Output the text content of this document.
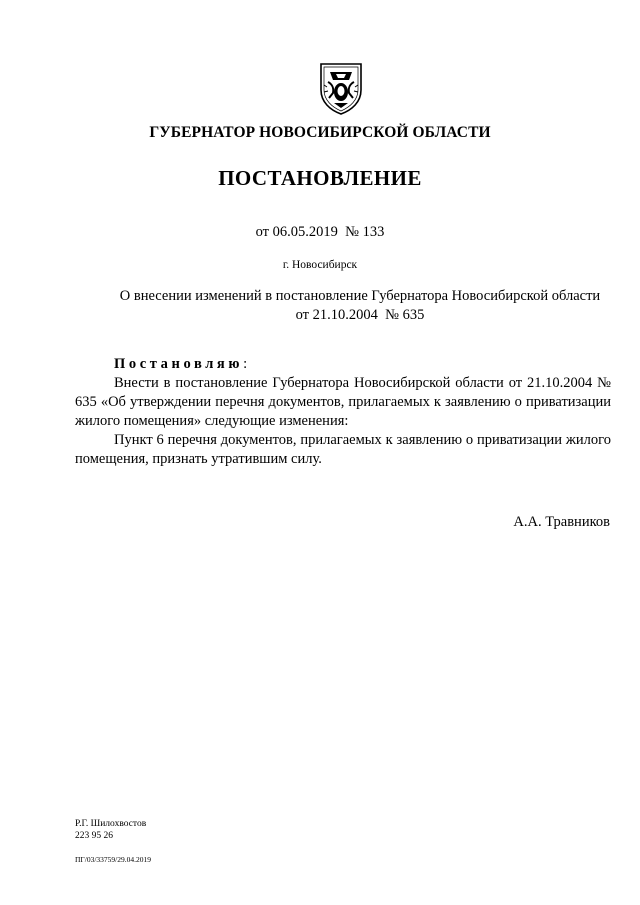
ГУБЕРНАТОР НОВОСИБИРСКОЙ ОБЛАСТИ
ПОСТАНОВЛЕНИЕ
от 06.05.2019  № 133
г. Новосибирск
О внесении изменений в постановление Губернатора Новосибирской области
от 21.10.2004  № 635
Постановляю:

Внести в постановление Губернатора Новосибирской области от 21.10.2004 № 635 «Об утверждении перечня документов, прилагаемых к заявлению о приватизации жилого помещения» следующие изменения:

Пункт 6 перечня документов, прилагаемых к заявлению о приватизации жилого помещения, признать утратившим силу.

А.А. Травников
Р.Г. Шилохвостов
223 95 26
ПГ/03/33759/29.04.2019
